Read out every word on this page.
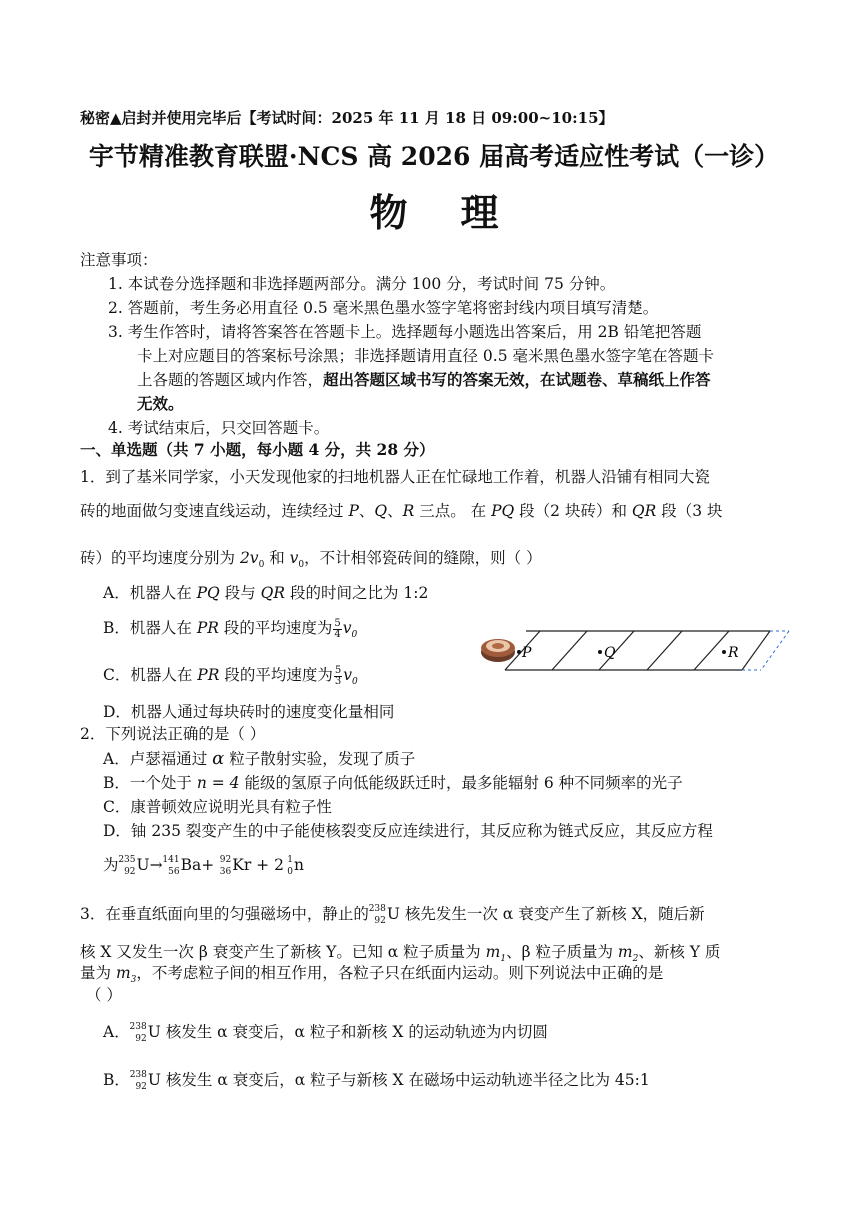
秘密▲启封并使用完毕后【考试时间：2025 年 11 月 18 日 09:00~10:15】
宇节精准教育联盟·NCS 高 2026 届高考适应性考试（一诊）
物    理
注意事项：
1. 本试卷分选择题和非选择题两部分。满分 100 分，考试时间 75 分钟。
2. 答题前，考生务必用直径 0.5 毫米黑色墨水签字笔将密封线内项目填写清楚。
3. 考生作答时，请将答案答在答题卡上。选择题每小题选出答案后，用 2B 铅笔把答题
卡上对应题目的答案标号涂黑；非选择题请用直径 0.5 毫米黑色墨水签字笔在答题卡
上各题的答题区域内作答，超出答题区域书写的答案无效，在试题卷、草稿纸上作答
无效。
4. 考试结束后，只交回答题卡。
一、单选题（共 7 小题，每小题 4 分，共 28 分）
1．到了基米同学家，小天发现他家的扫地机器人正在忙碌地工作着，机器人沿铺有相同大瓷
砖的地面做匀变速直线运动，连续经过 P、Q、R 三点。 在 PQ 段（2 块砖）和 QR 段（3 块
砖）的平均速度分别为 $2v_0$ 和 $v_0$，不计相邻瓷砖间的缝隙，则（ ）
A．机器人在 PQ 段与 QR 段的时间之比为 1:2
B．机器人在 PR 段的平均速度为 $\frac{5}{4} v_0$
C．机器人在 PR 段的平均速度为 $\frac{5}{3} v_0$
D．机器人通过每块砖时的速度变化量相同
P	Q	R
2．下列说法正确的是（ ）
A．卢瑟福通过 α 粒子散射实验，发现了质子
B．一个处于 n = 4 能级的氢原子向低能级跃迁时，最多能辐射 6 种不同频率的光子
C．康普顿效应说明光具有粒子性
D．铀 235 裂变产生的中子能使核裂变反应连续进行，其反应称为链式反应，其反应方程
为 235
92 U→ 141
56 Ba+ 92
36 Kr + 2 1
0 n
3．在垂直纸面向里的匀强磁场中，静止的 238
92 U 核先发生一次 α 衰变产生了新核 X，随后新
核 X 又发生一次 β 衰变产生了新核 Y。已知 α 粒子质量为 $m_1$、β 粒子质量为 $m_2$、新核 Y 质
量为 $m_3$，不考虑粒子间的相互作用，各粒子只在纸面内运动。则下列说法中正确的是
（ ）
A． 238
92 U 核发生 α 衰变后，α 粒子和新核 X 的运动轨迹为内切圆
B． 238
92 U 核发生 α 衰变后，α 粒子与新核 X 在磁场中运动轨迹半径之比为 45:1
